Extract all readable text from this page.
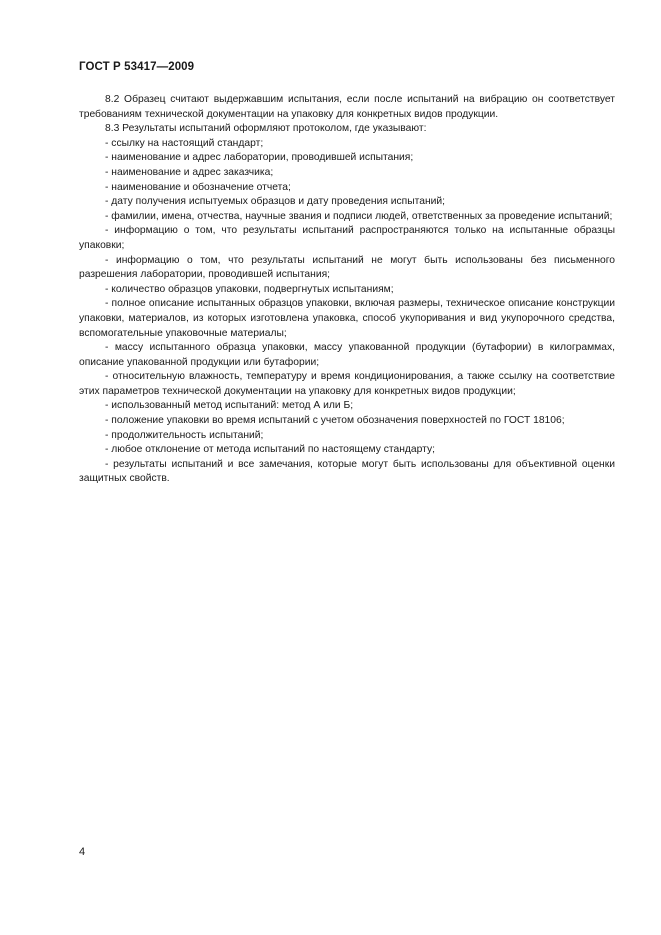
ГОСТ Р 53417—2009

8.2 Образец считают выдержавшим испытания, если после испытаний на вибрацию он соответствует требованиям технической документации на упаковку для конкретных видов продукции.

8.3 Результаты испытаний оформляют протоколом, где указывают:

- ссылку на настоящий стандарт;

- наименование и адрес лаборатории, проводившей испытания;

- наименование и адрес заказчика;

- наименование и обозначение отчета;

- дату получения испытуемых образцов и дату проведения испытаний;

- фамилии, имена, отчества, научные звания и подписи людей, ответственных за проведение испытаний;

- информацию о том, что результаты испытаний распространяются только на испытанные образцы упаковки;

- информацию о том, что результаты испытаний не могут быть использованы без письменного разрешения лаборатории, проводившей испытания;

- количество образцов упаковки, подвергнутых испытаниям;

- полное описание испытанных образцов упаковки, включая размеры, техническое описание конструкции упаковки, материалов, из которых изготовлена упаковка, способ укупоривания и вид укупорочного средства, вспомогательные упаковочные материалы;

- массу испытанного образца упаковки, массу упакованной продукции (бутафории) в килограммах, описание упакованной продукции или бутафории;

- относительную влажность, температуру и время кондиционирования, а также ссылку на соответствие этих параметров технической документации на упаковку для конкретных видов продукции;

- использованный метод испытаний: метод А или Б;

- положение упаковки во время испытаний с учетом обозначения поверхностей по ГОСТ 18106;

- продолжительность испытаний;

- любое отклонение от метода испытаний по настоящему стандарту;

- результаты испытаний и все замечания, которые могут быть использованы для объективной оценки защитных свойств.

4
